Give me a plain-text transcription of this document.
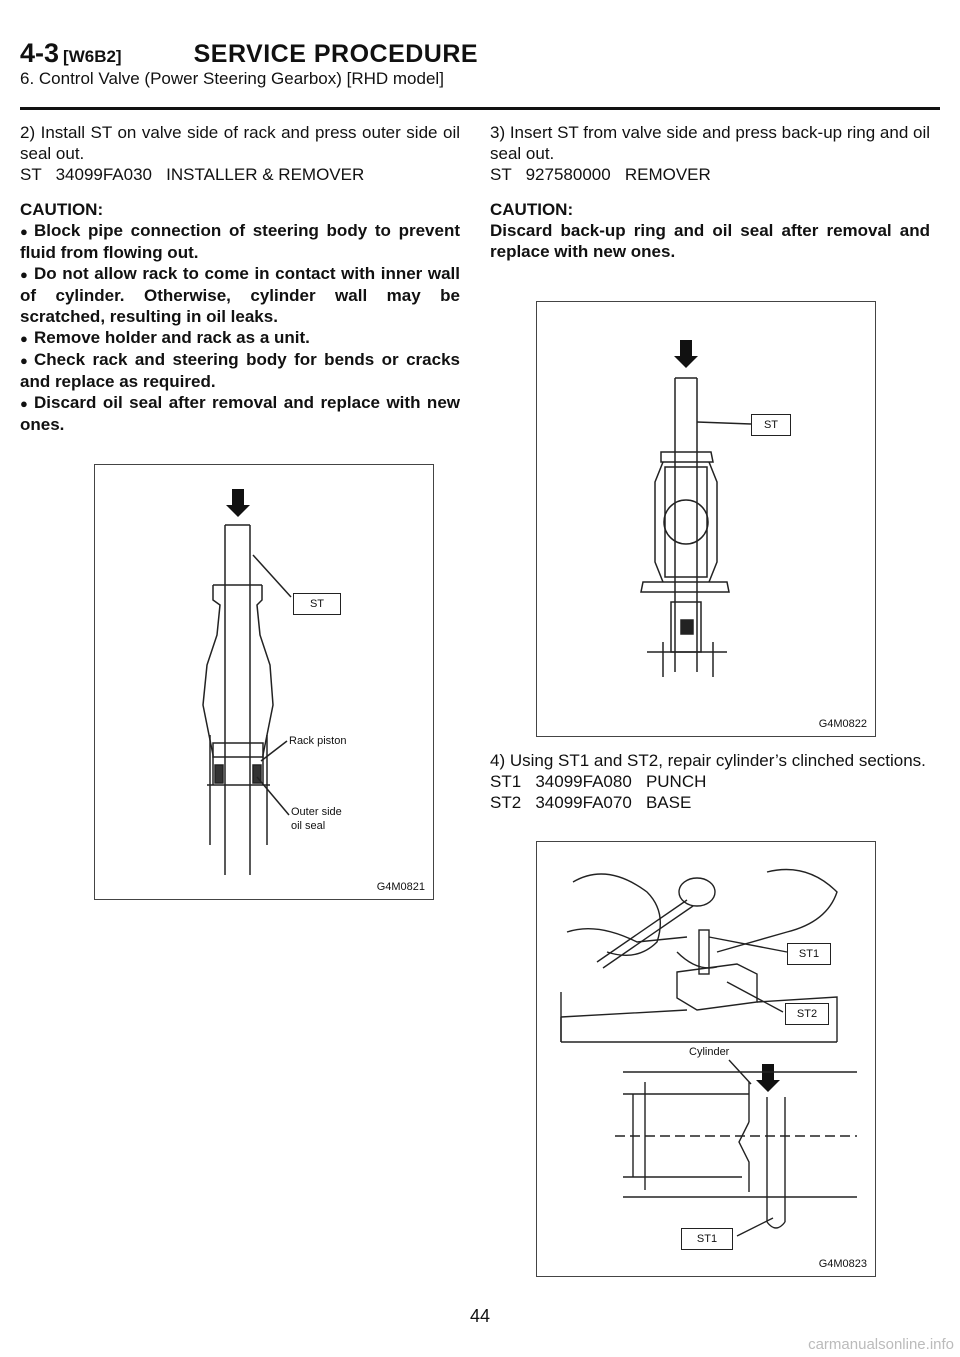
4-3 [W6B2]	SERVICE PROCEDURE
6. Control Valve (Power Steering Gearbox) [RHD model]
2) Install ST on valve side of rack and press outer side oil seal out.
ST   34099FA030   INSTALLER & REMOVER
CAUTION:
● Block pipe connection of steering body to prevent fluid from flowing out.
● Do not allow rack to come in contact with inner wall of cylinder. Otherwise, cylinder wall may be scratched, resulting in oil leaks.
● Remove holder and rack as a unit.
● Check rack and steering body for bends or cracks and replace as required.
● Discard oil seal after removal and replace with new ones.
ST
Rack piston
Outer side
oil seal
G4M0821
3) Insert ST from valve side and press back-up ring and oil seal out.
ST   927580000   REMOVER
CAUTION:
Discard back-up ring and oil seal after removal and replace with new ones.
ST
G4M0822
4) Using ST1 and ST2, repair cylinder’s clinched sections.
ST1   34099FA080   PUNCH
ST2   34099FA070   BASE
ST1
ST2
Cylinder
ST1
G4M0823
44
carmanualsonline.info
